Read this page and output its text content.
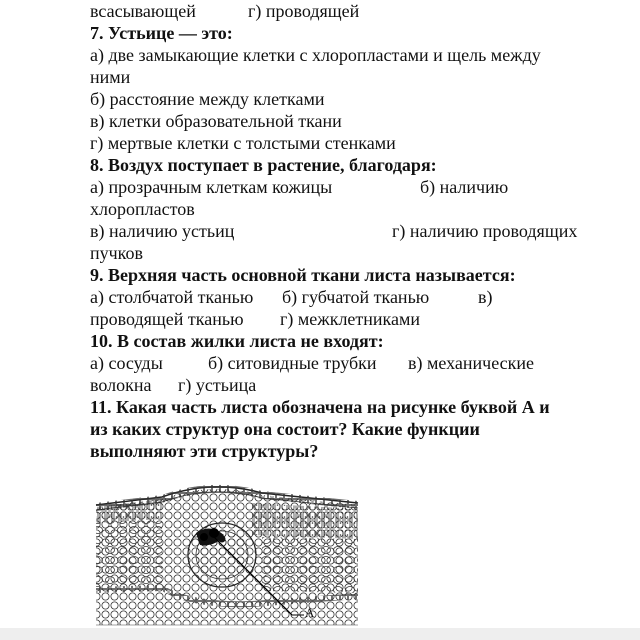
всасывающей	г) проводящей
7. Устьице — это:
а) две замыкающие клетки с хлоропластами и щель между
ними
б) расстояние между клетками
в) клетки образовательной ткани
г) мертвые клетки с толстыми стенками
8. Воздух поступает в растение, благодаря:
а) прозрачным клеткам кожицы	б) наличию
хлоропластов
в) наличию устьиц	г) наличию проводящих
пучков
9. Верхняя часть основной ткани листа называется:
а) столбчатой тканью б) губчатой тканью	в)
проводящей тканью г) межклетниками
10. В состав жилки листа не входят:
а) сосуды	б) ситовидные трубки в) механические
волокна г) устьица
11. Какая часть листа обозначена на рисунке буквой А и
из каких структур она состоит? Какие функции
выполняют эти структуры?
А
